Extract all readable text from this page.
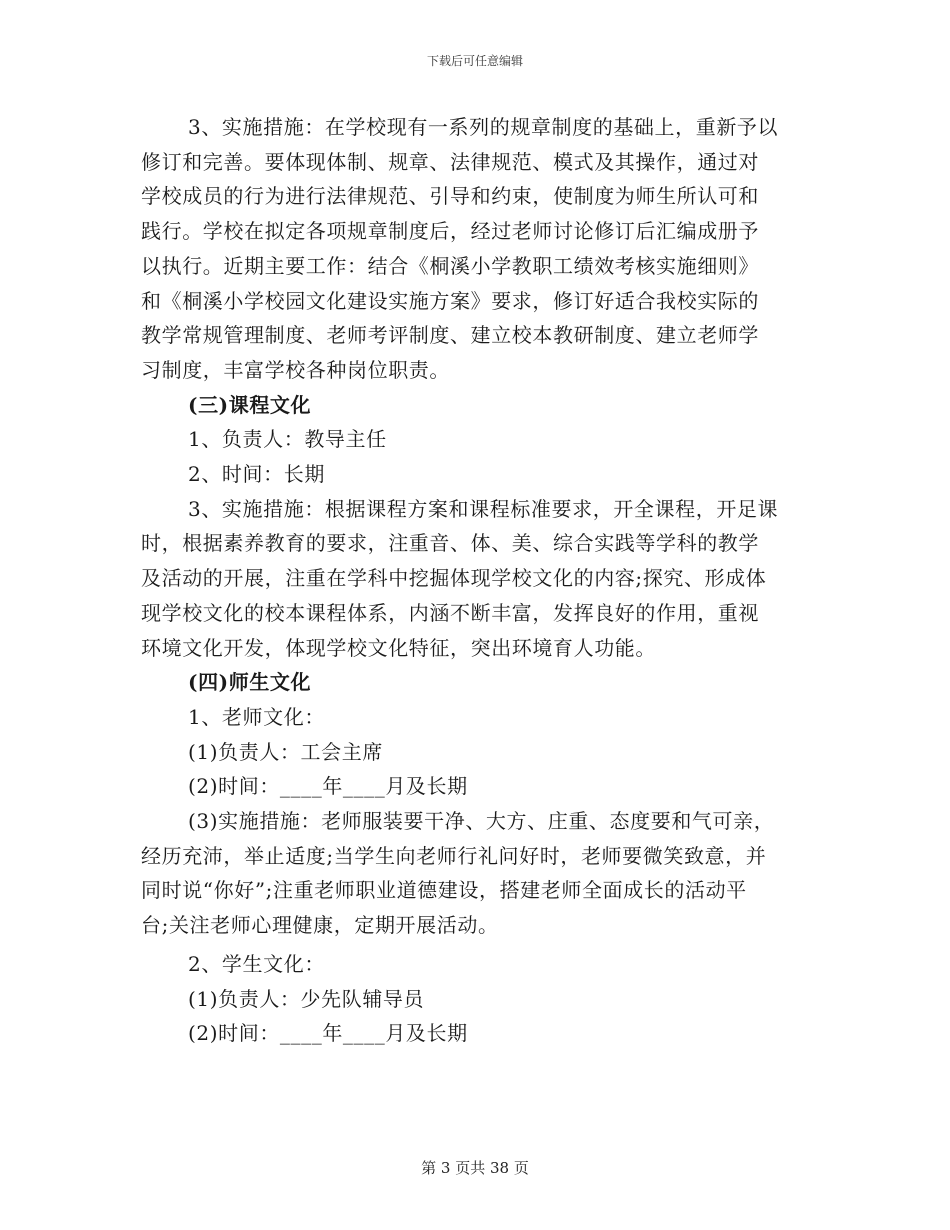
下载后可任意编辑
3、实施措施：在学校现有一系列的规章制度的基础上，重新予以
修订和完善。要体现体制、规章、法律规范、模式及其操作，通过对
学校成员的行为进行法律规范、引导和约束，使制度为师生所认可和
践行。学校在拟定各项规章制度后，经过老师讨论修订后汇编成册予
以执行。近期主要工作：结合《桐溪小学教职工绩效考核实施细则》
和《桐溪小学校园文化建设实施方案》要求，修订好适合我校实际的
教学常规管理制度、老师考评制度、建立校本教研制度、建立老师学
习制度，丰富学校各种岗位职责。
(三)课程文化
1、负责人：教导主任
2、时间：长期
3、实施措施：根据课程方案和课程标准要求，开全课程，开足课
时，根据素养教育的要求，注重音、体、美、综合实践等学科的教学
及活动的开展，注重在学科中挖掘体现学校文化的内容;探究、形成体
现学校文化的校本课程体系，内涵不断丰富，发挥良好的作用，重视
环境文化开发，体现学校文化特征，突出环境育人功能。
(四)师生文化
1、老师文化：
(1)负责人：工会主席
(2)时间：____年____月及长期
(3)实施措施：老师服装要干净、大方、庄重、态度要和气可亲，
经历充沛，举止适度;当学生向老师行礼问好时，老师要微笑致意，并
同时说“你好”;注重老师职业道德建设，搭建老师全面成长的活动平
台;关注老师心理健康，定期开展活动。
2、学生文化：
(1)负责人：少先队辅导员
(2)时间：____年____月及长期
第 3 页共 38 页
